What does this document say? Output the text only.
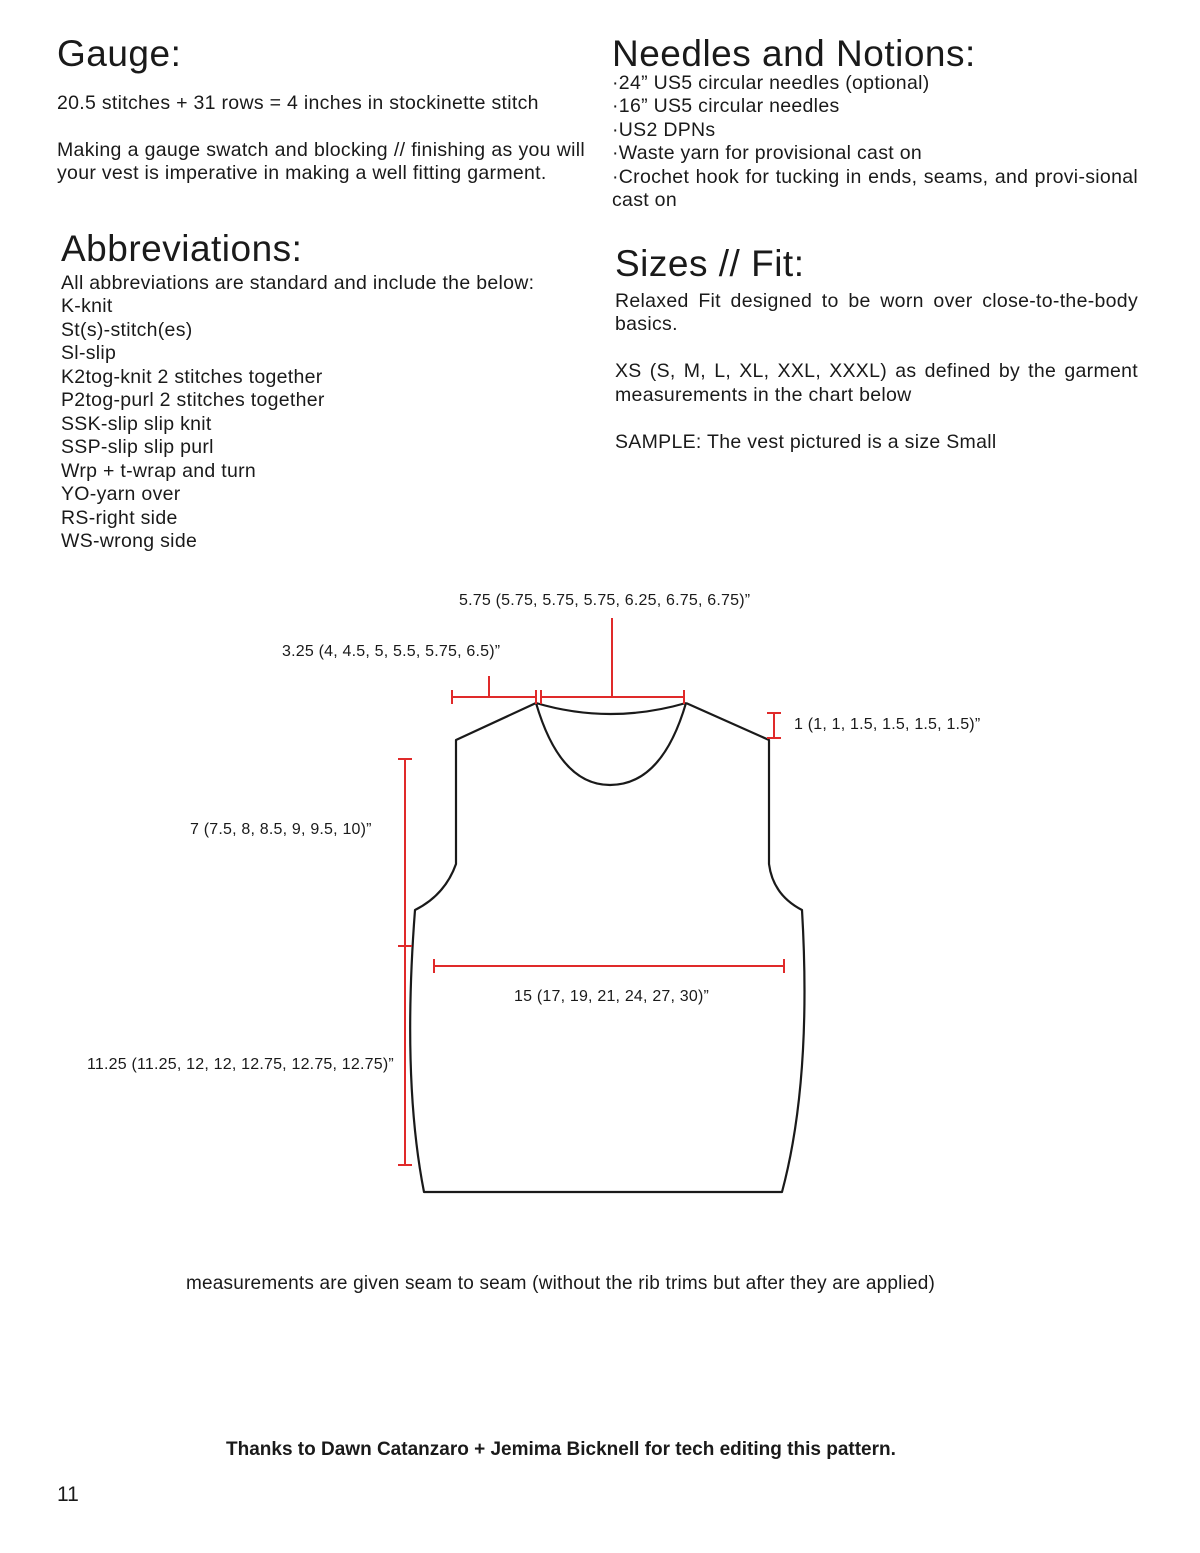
Gauge:

20.5 stitches + 31 rows = 4 inches in stockinette stitch

Making a gauge swatch and blocking // finishing as you will your vest is imperative in making a well fitting garment.

Abbreviations:
All abbreviations are standard and include the below:
K-knit
St(s)-stitch(es)
Sl-slip
K2tog-knit 2 stitches together
P2tog-purl 2 stitches together
SSK-slip slip knit
SSP-slip slip purl
Wrp + t-wrap and turn
YO-yarn over
RS-right side
WS-wrong side
Needles and Notions:
·24” US5 circular needles (optional)
·16” US5 circular needles
·US2 DPNs
·Waste yarn for provisional cast on
·Crochet hook for tucking in ends, seams, and provi-sional cast on
Sizes // Fit:

Relaxed Fit designed to be worn over close-to-the-body basics.

XS (S, M, L, XL, XXL, XXXL) as defined by the garment measurements in the chart below

SAMPLE: The vest pictured is a size Small

5.75 (5.75, 5.75, 5.75, 6.25, 6.75, 6.75)”
3.25 (4, 4.5, 5, 5.5, 5.75, 6.5)”
1 (1, 1, 1.5, 1.5, 1.5, 1.5)”
7 (7.5, 8, 8.5, 9, 9.5, 10)”
15 (17, 19, 21, 24, 27, 30)”
11.25 (11.25, 12, 12, 12.75, 12.75, 12.75)”
measurements are given seam to seam (without the rib trims but after they are applied)
Thanks to Dawn Catanzaro + Jemima Bicknell for tech editing this pattern.
11
